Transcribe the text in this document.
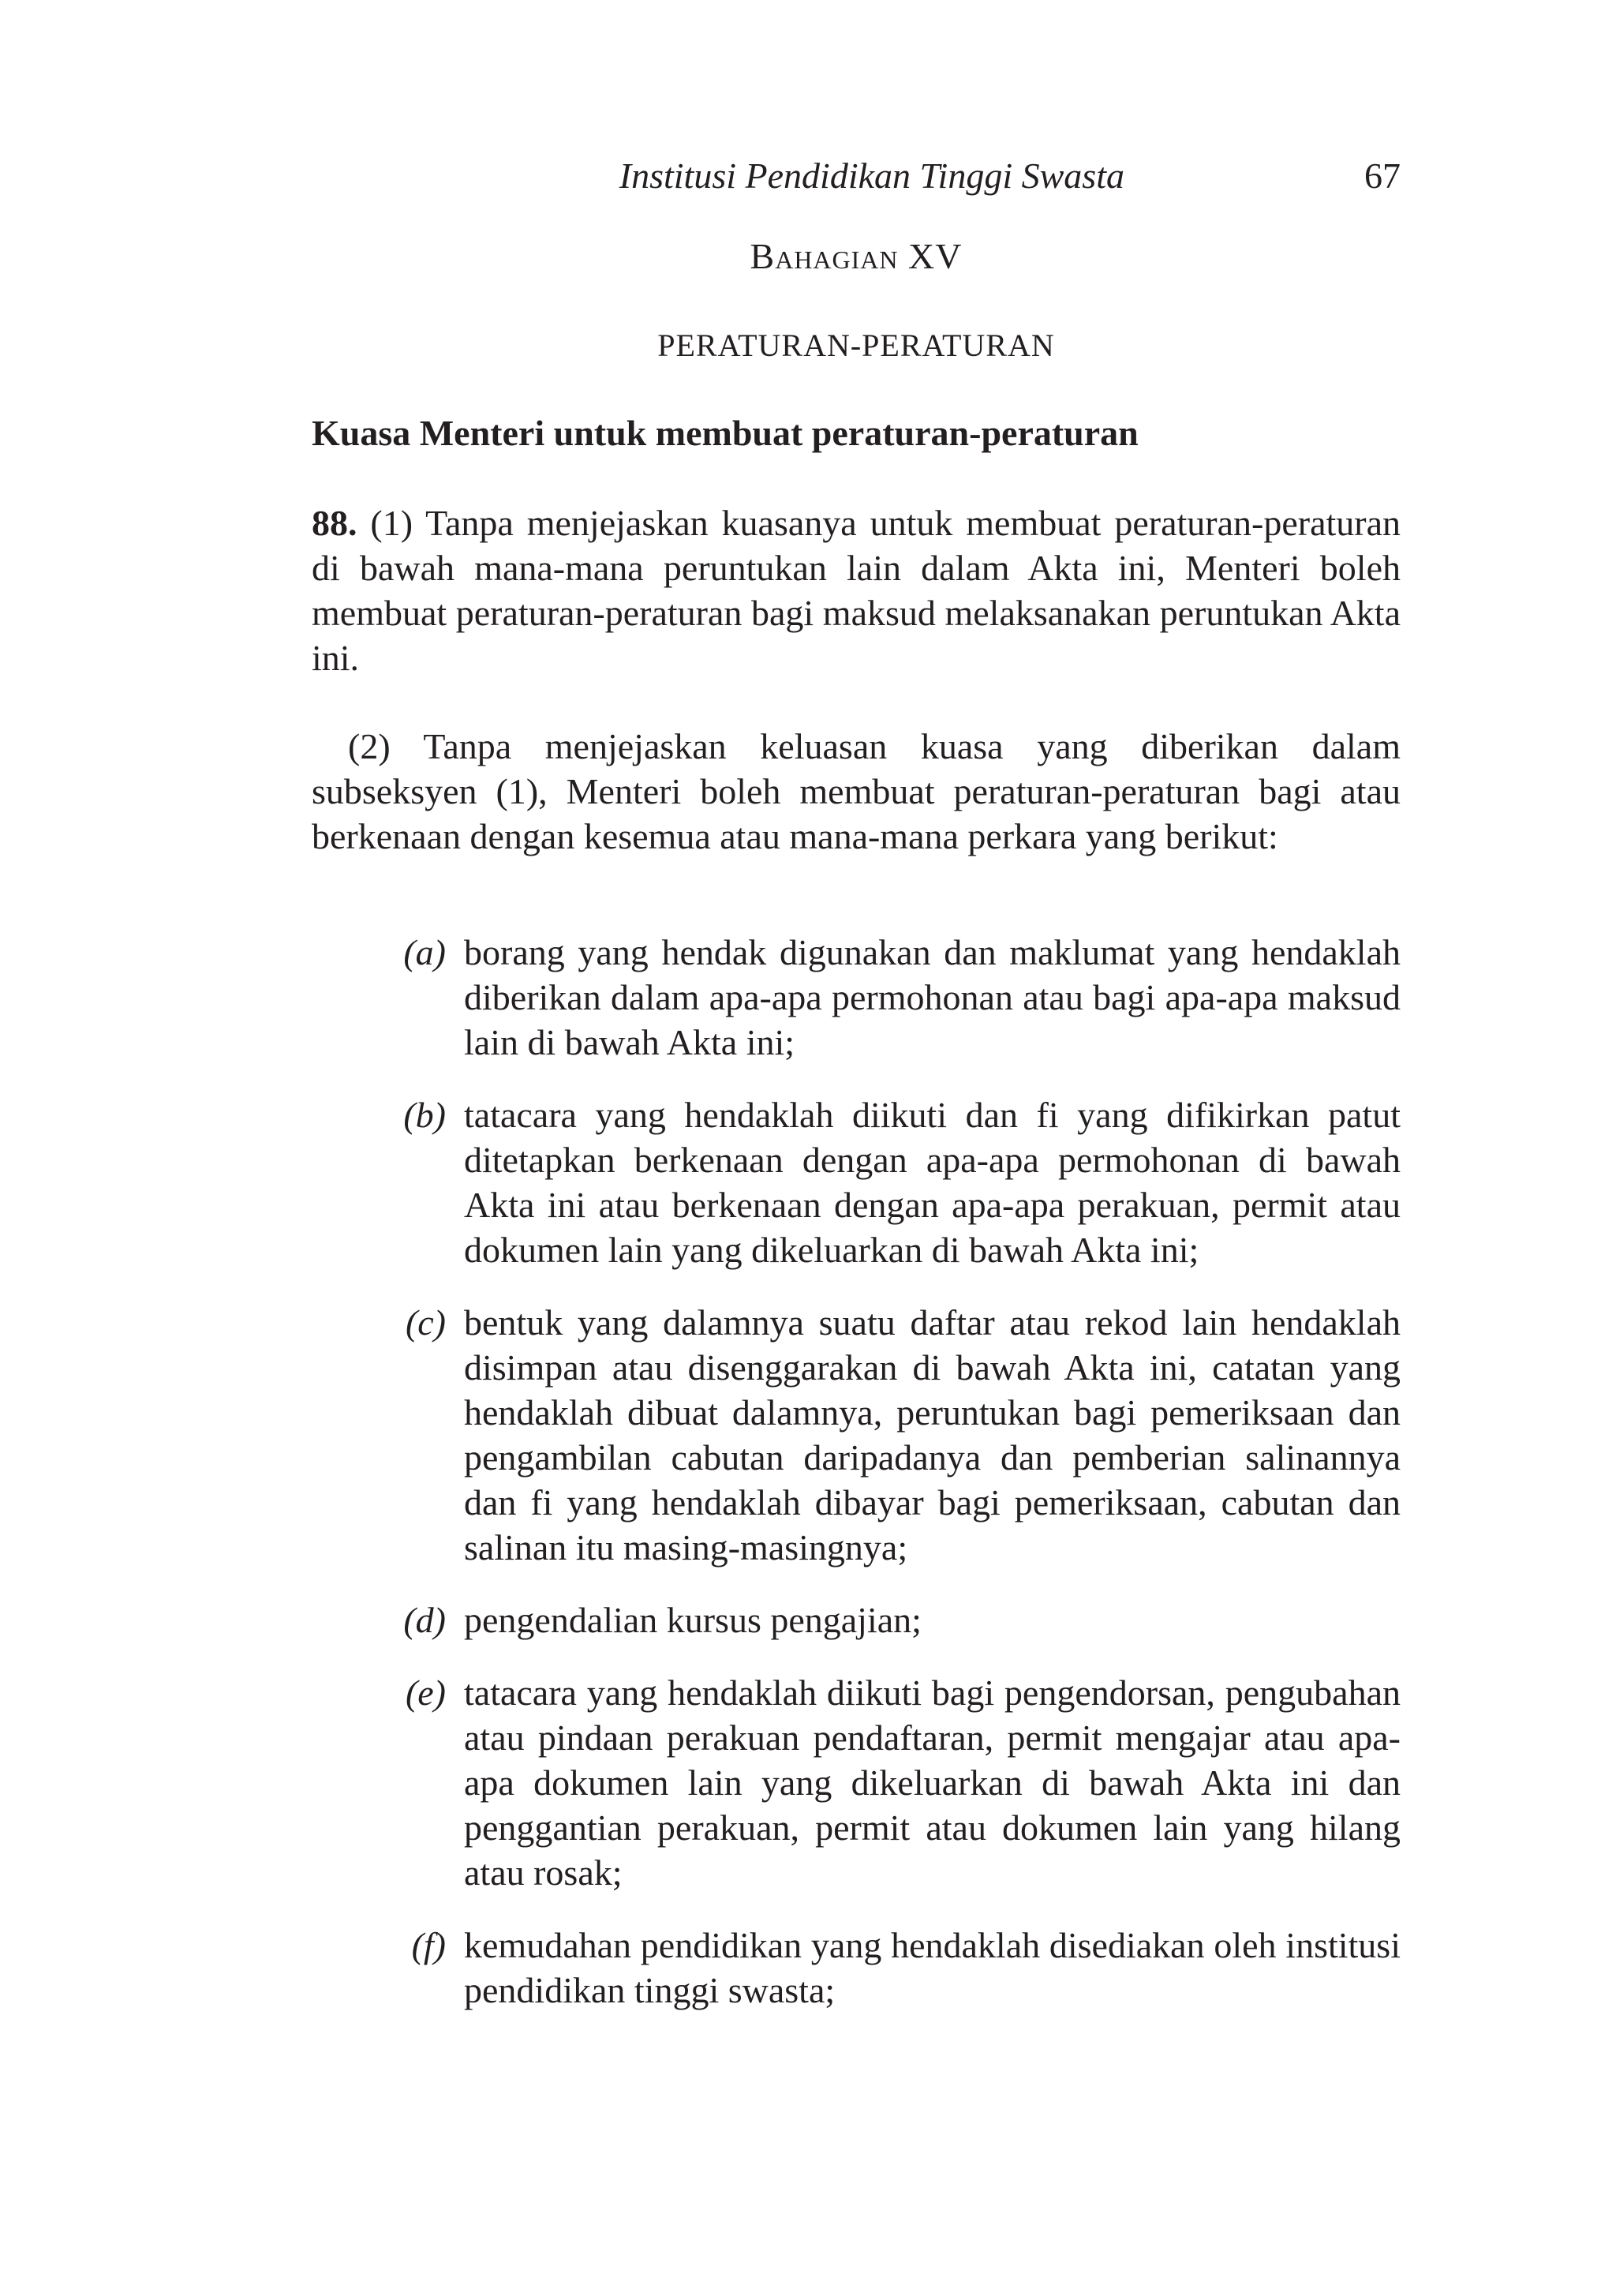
Institusi Pendidikan Tinggi Swasta	67
Bahagian XV
PERATURAN-PERATURAN
Kuasa Menteri untuk membuat peraturan-peraturan
88. (1) Tanpa menjejaskan kuasanya untuk membuat peraturan-peraturan di bawah mana-mana peruntukan lain dalam Akta ini, Menteri boleh membuat peraturan-peraturan bagi maksud melaksanakan peruntukan Akta ini.
 (2) Tanpa menjejaskan keluasan kuasa yang diberikan dalam subseksyen (1), Menteri boleh membuat peraturan-peraturan bagi atau berkenaan dengan kesemua atau mana-mana perkara yang berikut:
(a) borang yang hendak digunakan dan maklumat yang hendaklah diberikan dalam apa-apa permohonan atau bagi apa-apa maksud lain di bawah Akta ini;
(b) tatacara yang hendaklah diikuti dan fi yang difikirkan patut ditetapkan berkenaan dengan apa-apa permohonan di bawah Akta ini atau berkenaan dengan apa-apa perakuan, permit atau dokumen lain yang dikeluarkan di bawah Akta ini;
(c) bentuk yang dalamnya suatu daftar atau rekod lain hendaklah disimpan atau disenggarakan di bawah Akta ini, catatan yang hendaklah dibuat dalamnya, peruntukan bagi pemeriksaan dan pengambilan cabutan daripadanya dan pemberian salinannya dan fi yang hendaklah dibayar bagi pemeriksaan, cabutan dan salinan itu masing-masingnya;
(d) pengendalian kursus pengajian;
(e) tatacara yang hendaklah diikuti bagi pengendorsan, pengubahan atau pindaan perakuan pendaftaran, permit mengajar atau apa-apa dokumen lain yang dikeluarkan di bawah Akta ini dan penggantian perakuan, permit atau dokumen lain yang hilang atau rosak;
(f) kemudahan pendidikan yang hendaklah disediakan oleh institusi pendidikan tinggi swasta;
